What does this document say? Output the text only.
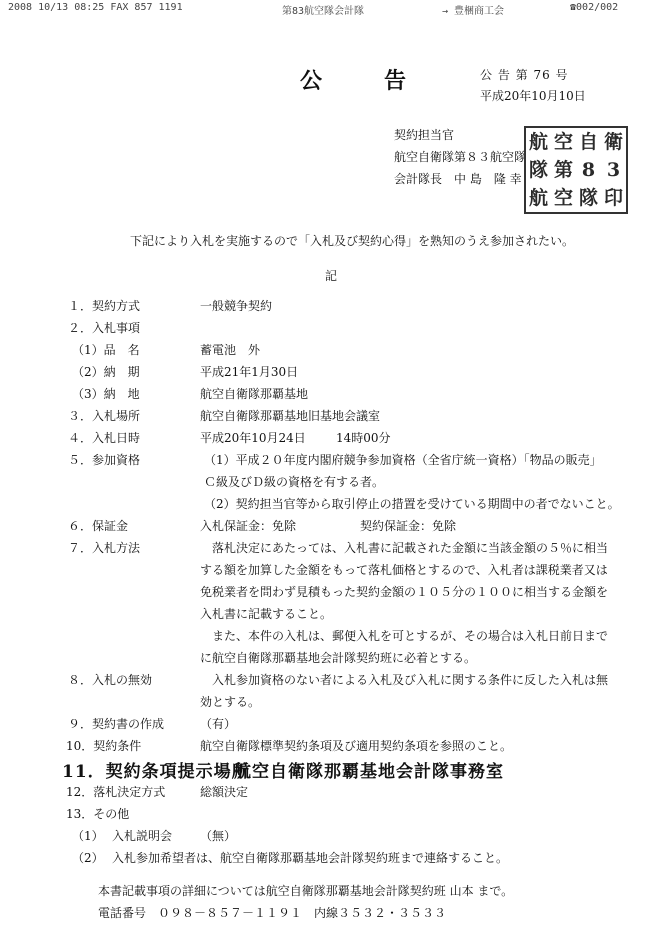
2008 10/13 08:25 FAX 857 1191	第83航空隊会計隊	→ 豊梱商工会	☎002/002
公　告	公 告 第 76 号
平成20年10月10日
契約担当官
航空自衛隊第８３航空隊
会計隊長　中 島　隆 幸
航 空 自 衛
隊 第 8 3
航 空 隊 印
下記により入札を実施するので「入札及び契約心得」を熟知のうえ参加されたい。
記
１．契約方式	一般競争契約
２．入札事項
（1）品　名	蓄電池　外
（2）納　期	平成21年1月30日
（3）納　地	航空自衛隊那覇基地
３．入札場所	航空自衛隊那覇基地旧基地会議室
４．入札日時	平成20年10月24日	14時00分
５．参加資格	（1）平成２０年度内閣府競争参加資格（全省庁統一資格）「物品の販売」
Ｃ級及びＤ級の資格を有する者。
（2）契約担当官等から取引停止の措置を受けている期間中の者でないこと。
６．保証金	入札保証金：免除	契約保証金：免除
７．入札方法	落札決定にあたっては、入札書に記載された金額に当該金額の５％に相当
する額を加算した金額をもって落札価格とするので、入札者は課税業者又は
免税業者を問わず見積もった契約金額の１０５分の１００に相当する金額を
入札書に記載すること。
また、本件の入札は、郵便入札を可とするが、その場合は入札日前日まで
に航空自衛隊那覇基地会計隊契約班に必着とする。
８．入札の無効	入札参加資格のない者による入札及び入札に関する条件に反した入札は無
効とする。
９．契約書の作成	（有）
10．契約条件	航空自衛隊標準契約条項及び適用契約条項を参照のこと。
11．契約条項提示場所
航空自衛隊那覇基地会計隊事務室
12．落札決定方式	総額決定
13．その他
（1） 入札説明会 （無）
（2） 入札参加希望者は、航空自衛隊那覇基地会計隊契約班まで連絡すること。
本書記載事項の詳細については航空自衛隊那覇基地会計隊契約班 山本 まで。
電話番号　０９８－８５７－１１９１　内線３５３２・３５３３
